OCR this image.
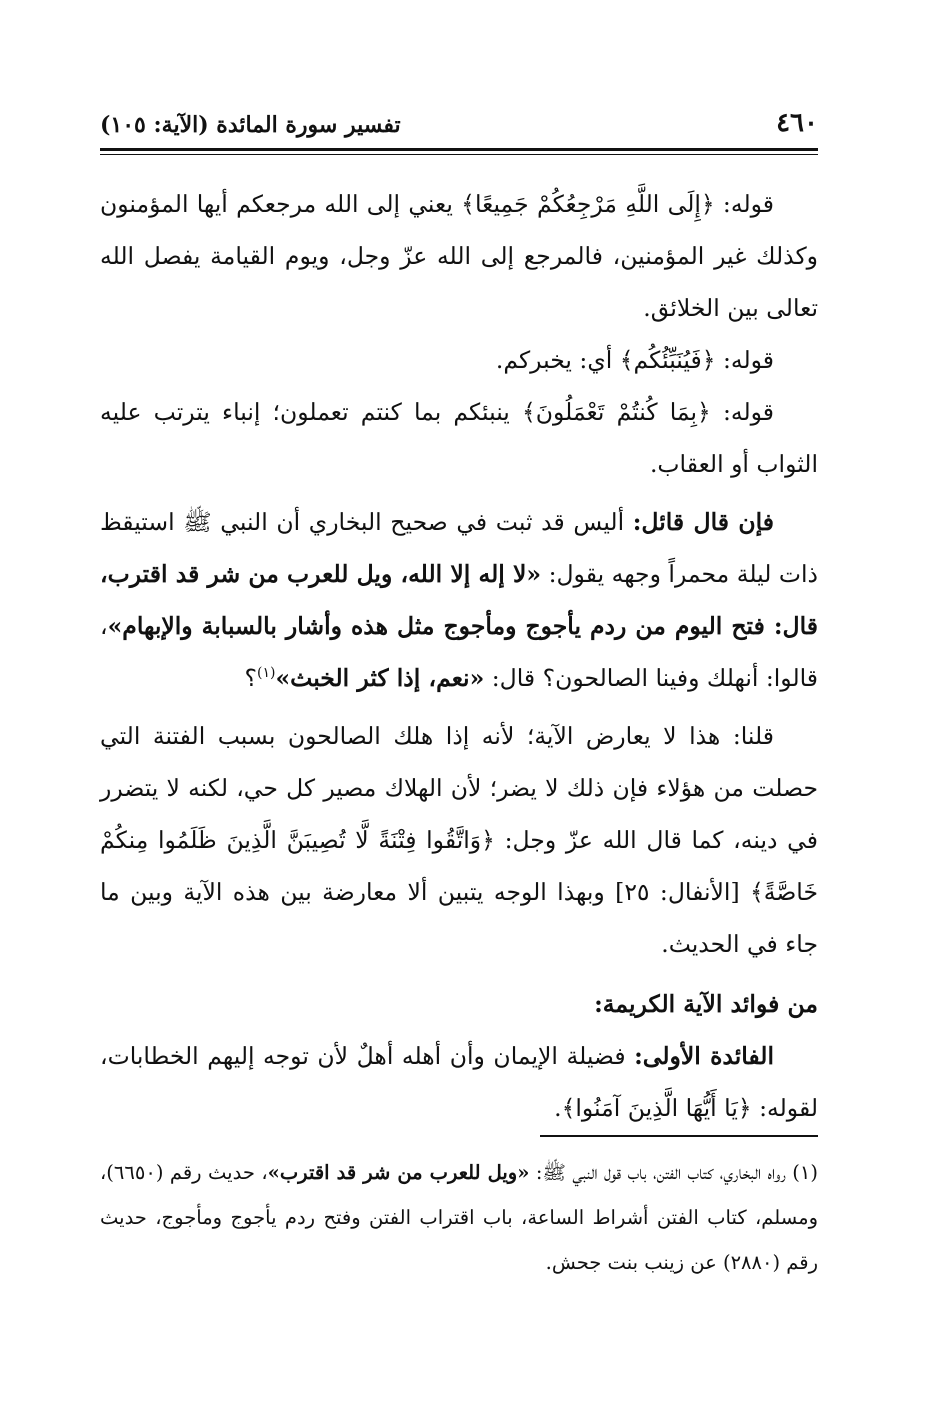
٤٦٠
تفسير سورة المائدة (الآية: ١٠٥)

قوله: ﴿إِلَى اللَّهِ مَرْجِعُكُمْ جَمِيعًا﴾ يعني إلى الله مرجعكم أيها المؤمنون وكذلك غير المؤمنين، فالمرجع إلى الله عزّ وجل، ويوم القيامة يفصل الله تعالى بين الخلائق.

قوله: ﴿فَيُنَبِّئُكُم﴾ أي: يخبركم.

قوله: ﴿بِمَا كُنتُمْ تَعْمَلُونَ﴾ ينبئكم بما كنتم تعملون؛ إنباء يترتب عليه الثواب أو العقاب.

فإن قال قائل: أليس قد ثبت في صحيح البخاري أن النبي ﷺ استيقظ ذات ليلة محمراً وجهه يقول: «لا إله إلا الله، ويل للعرب من شر قد اقترب، قال: فتح اليوم من ردم يأجوج ومأجوج مثل هذه وأشار بالسبابة والإبهام»، قالوا: أنهلك وفينا الصالحون؟ قال: «نعم، إذا كثر الخبث»$^{(١)}$؟

قلنا: هذا لا يعارض الآية؛ لأنه إذا هلك الصالحون بسبب الفتنة التي حصلت من هؤلاء فإن ذلك لا يضر؛ لأن الهلاك مصير كل حي، لكنه لا يتضرر في دينه، كما قال الله عزّ وجل: ﴿وَاتَّقُوا فِتْنَةً لَّا تُصِيبَنَّ الَّذِينَ ظَلَمُوا مِنكُمْ خَاصَّةً﴾ [الأنفال: ٢٥] وبهذا الوجه يتبين ألا معارضة بين هذه الآية وبين ما جاء في الحديث.

من فوائد الآية الكريمة:

الفائدة الأولى: فضيلة الإيمان وأن أهله أهلٌ لأن توجه إليهم الخطابات، لقوله: ﴿يَا أَيُّهَا الَّذِينَ آمَنُوا﴾.

(١) رواه البخاري، كتاب الفتن، باب قول النبي ﷺ: «ويل للعرب من شر قد اقترب»، حديث رقم (٦٦٥٠)، ومسلم، كتاب الفتن أشراط الساعة، باب اقتراب الفتن وفتح ردم يأجوج ومأجوج، حديث رقم (٢٨٨٠) عن زينب بنت جحش.
